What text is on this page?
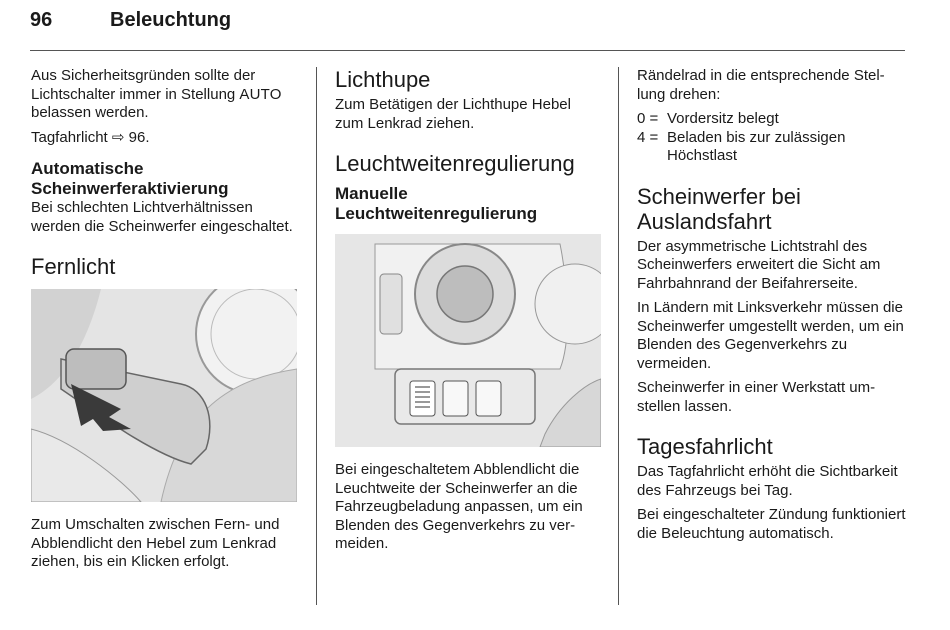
96	Beleuchtung

Aus Sicherheitsgründen sollte der Lichtschalter immer in Stellung AUTO belassen werden.

Tagfahrlicht ⇨ 96.

Automatische Scheinwerferaktivierung

Bei schlechten Lichtverhältnissen werden die Scheinwerfer eingeschaltet.

Fernlicht

Zum Umschalten zwischen Fern- und Abblendlicht den Hebel zum Lenkrad ziehen, bis ein Klicken erfolgt.

Lichthupe

Zum Betätigen der Lichthupe Hebel zum Lenkrad ziehen.

Leuchtweitenregulierung
Manuelle Leuchtweitenregulierung

Bei eingeschaltetem Abblendlicht die Leuchtweite der Scheinwerfer an die Fahrzeugbeladung anpassen, um ein Blenden des Gegenverkehrs zu vermeiden.

Rändelrad in die entsprechende Stellung drehen:

0 = Vordersitz belegt
4 = Beladen bis zur zulässigen Höchstlast
Scheinwerfer bei Auslandsfahrt

Der asymmetrische Lichtstrahl des Scheinwerfers erweitert die Sicht am Fahrbahnrand der Beifahrerseite.

In Ländern mit Linksverkehr müssen die Scheinwerfer umgestellt werden, um ein Blenden des Gegenverkehrs zu vermeiden.

Scheinwerfer in einer Werkstatt umstellen lassen.

Tagesfahrlicht

Das Tagfahrlicht erhöht die Sichtbarkeit des Fahrzeugs bei Tag.

Bei eingeschalteter Zündung funktioniert die Beleuchtung automatisch.
